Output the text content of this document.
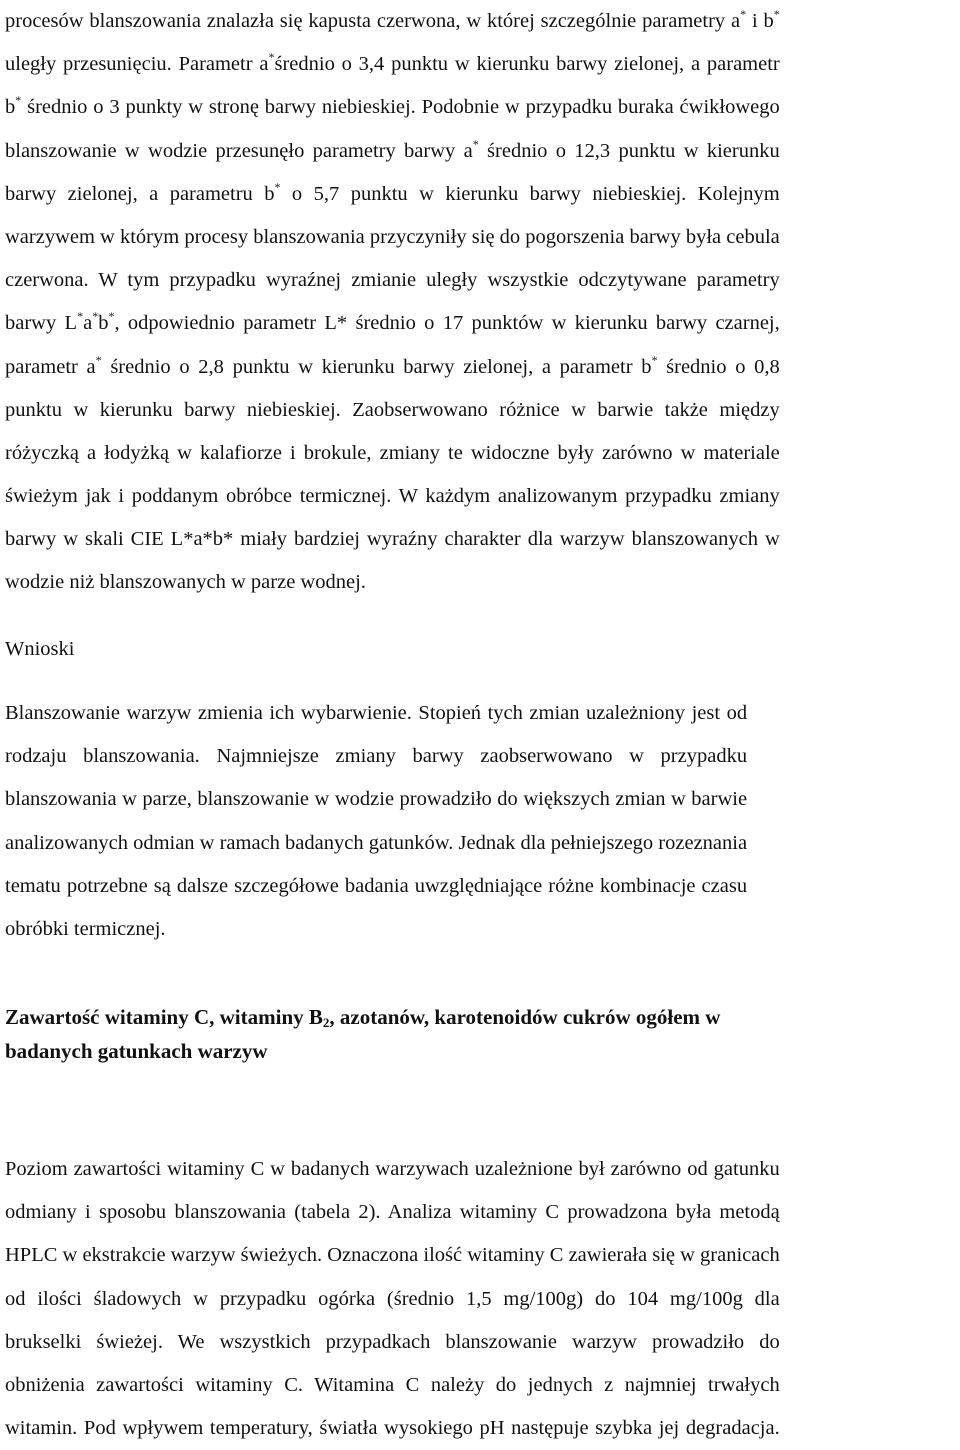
procesów blanszowania znalazła się kapusta czerwona, w której szczególnie parametry a* i b*
uległy przesunięciu. Parametr a*średnio o 3,4 punktu w kierunku barwy zielonej, a parametr
b* średnio o 3 punkty w stronę barwy niebieskiej. Podobnie w przypadku buraka ćwikłowego
blanszowanie w wodzie przesunęło parametry barwy a* średnio o 12,3 punktu w kierunku
barwy zielonej, a parametru b* o 5,7 punktu w kierunku barwy niebieskiej. Kolejnym
warzywem w którym procesy blanszowania przyczyniły się do pogorszenia barwy była cebula
czerwona. W tym przypadku wyraźnej zmianie uległy wszystkie odczytywane parametry
barwy L*a*b*, odpowiednio parametr L* średnio o 17 punktów w kierunku barwy czarnej,
parametr a* średnio o 2,8 punktu w kierunku barwy zielonej, a parametr b* średnio o 0,8
punktu w kierunku barwy niebieskiej. Zaobserwowano różnice w barwie także między
różyczką a łodyżką w kalafiorze i brokule, zmiany te widoczne były zarówno w materiale
świeżym jak i poddanym obróbce termicznej. W każdym analizowanym przypadku zmiany
barwy w skali CIE L*a*b* miały bardziej wyraźny charakter dla warzyw blanszowanych w
wodzie niż blanszowanych w parze wodnej.

Wnioski

Blanszowanie warzyw zmienia ich wybarwienie. Stopień tych zmian uzależniony jest od
rodzaju blanszowania. Najmniejsze zmiany barwy zaobserwowano w przypadku
blanszowania w parze, blanszowanie w wodzie prowadziło do większych zmian w barwie
analizowanych odmian w ramach badanych gatunków. Jednak dla pełniejszego rozeznania
tematu potrzebne są dalsze szczegółowe badania uwzględniające różne kombinacje czasu
obróbki termicznej.
Zawartość witaminy C, witaminy $B_2$, azotanów, karotenoidów cukrów ogółem w
badanych gatunkach warzyw
Poziom zawartości witaminy C w badanych warzywach uzależnione był zarówno od gatunku
odmiany i sposobu blanszowania (tabela 2). Analiza witaminy C prowadzona była metodą
HPLC w ekstrakcie warzyw świeżych. Oznaczona ilość witaminy C zawierała się w granicach
od ilości śladowych w przypadku ogórka (średnio 1,5 mg/100g) do 104 mg/100g dla
brukselki świeżej. We wszystkich przypadkach blanszowanie warzyw prowadziło do
obniżenia zawartości witaminy C. Witamina C należy do jednych z najmniej trwałych
witamin. Pod wpływem temperatury, światła wysokiego pH następuje szybka jej degradacja.
